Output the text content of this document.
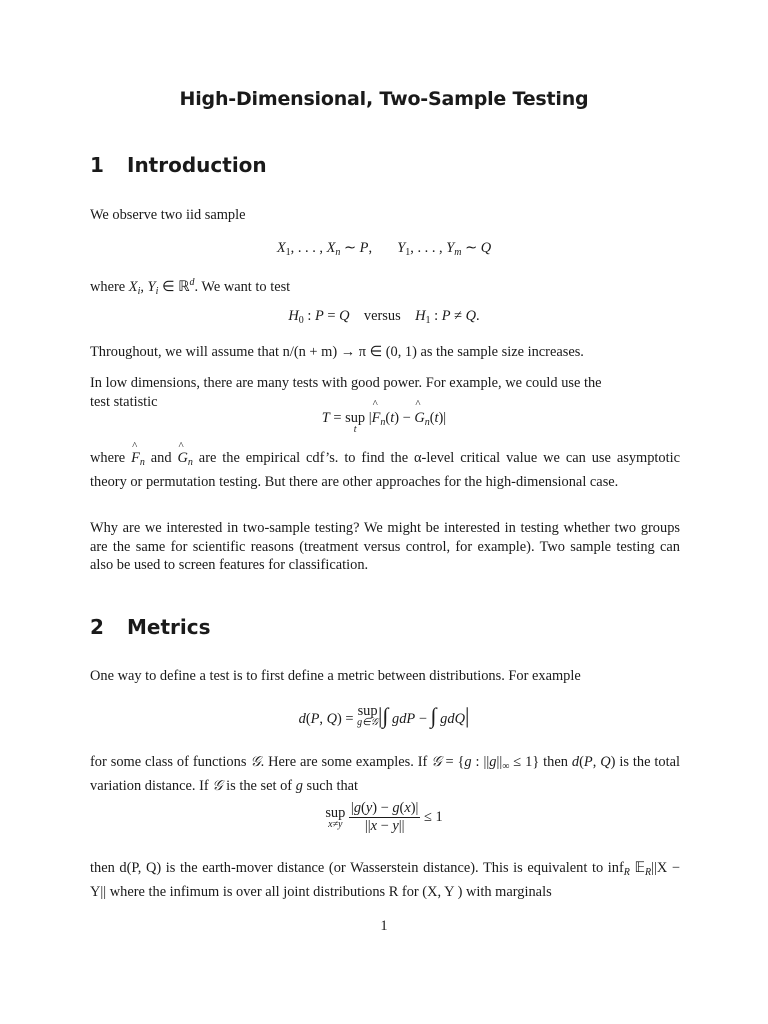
High-Dimensional, Two-Sample Testing
1 Introduction
We observe two iid sample
$X_1$, . . . , $X_n$ ∼ P,       $Y_1$, . . . , $Y_m$ ∼ Q
where $X_i$, $Y_i$ ∈ ℝ$^d$. We want to test
$H_0$ : P = Q    versus    $H_1$ : P ≠ Q.
Throughout, we will assume that n/(n + m) → π ∈ (0, 1) as the sample size increases.
In low dimensions, there are many tests with good power. For example, we could use the
test statistic
T = sup
t
|^ $F_n(t)$ − ^ $G_n(t)|$
where ^ $F_n$ and ^ $G_n$ are the empirical cdf’s. to find the α-level critical value we can use asymptotic theory or permutation testing. But there are other approaches for the high-dimensional case.
Why are we interested in two-sample testing? We might be interested in testing whether two groups are the same for scientific reasons (treatment versus control, for example). Two sample testing can also be used to screen features for classification.
2 Metrics
One way to define a test is to first define a metric between distributions. For example
d(P, Q) = sup
g∈𝒢 |∫ gdP − ∫ gdQ|
for some class of functions 𝒢. Here are some examples. If 𝒢 = {g : $||g||_\infty \le 1$} then d(P, Q) is the total variation distance. If 𝒢 is the set of g such that
sup
x≠y
$\frac{|g(y) - g(x)|}{||x - y||} \le 1$
then d(P, Q) is the earth-mover distance (or Wasserstein distance). This is equivalent to inf$_R$ 𝔼$_R$||X − Y|| where the infimum is over all joint distributions R for (X, Y ) with marginals
1
